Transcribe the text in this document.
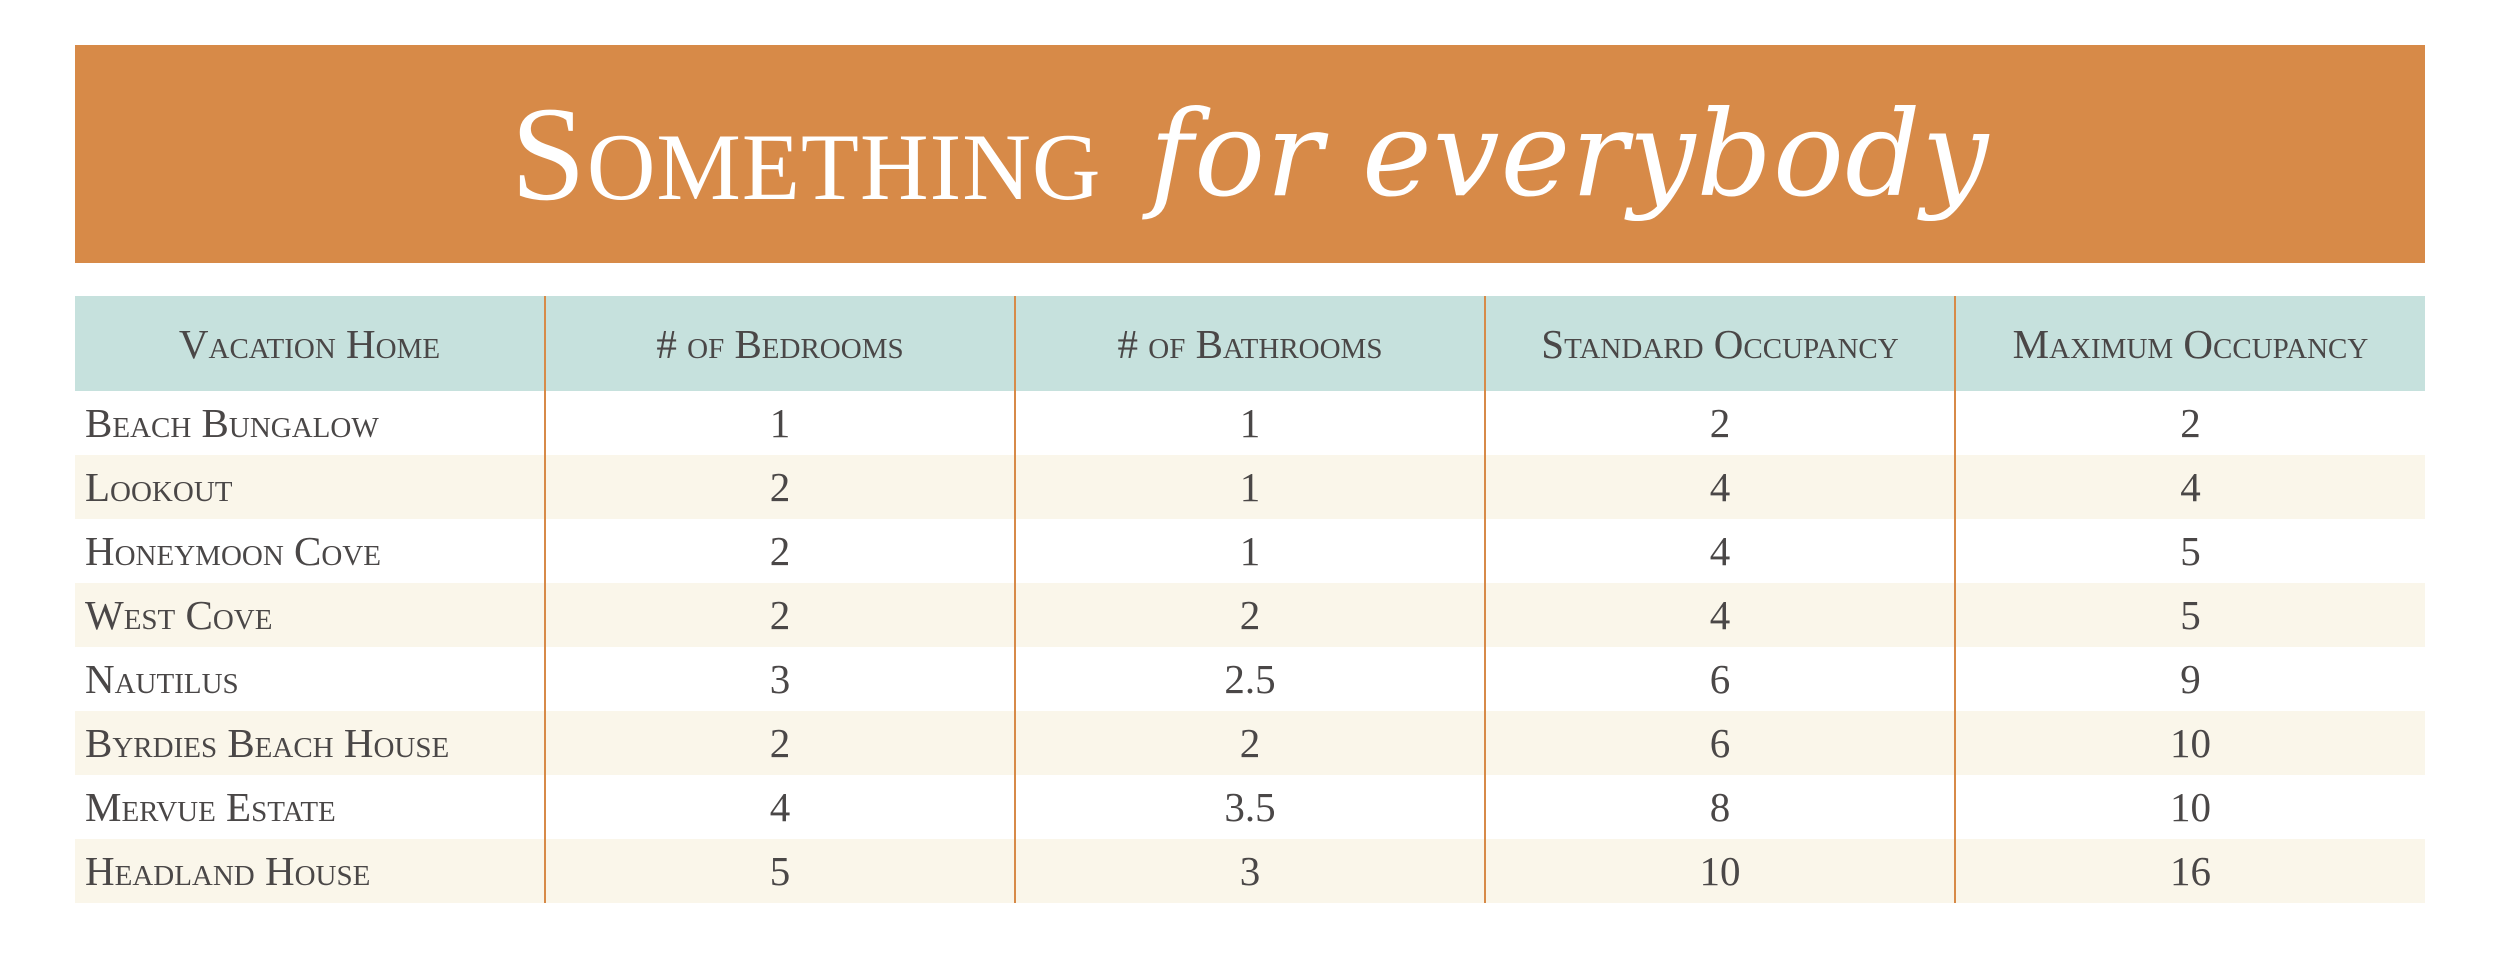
Something for everybody
Vacation Home	# of Bedrooms	# of Bathrooms	Standard Occupancy	Maximum Occupancy
Beach Bungalow	1	1	2	2
Lookout	2	1	4	4
Honeymoon Cove	2	1	4	5
West Cove	2	2	4	5
Nautilus	3	2.5	6	9
Byrdies Beach House	2	2	6	10
Mervue Estate	4	3.5	8	10
Headland House	5	3	10	16
